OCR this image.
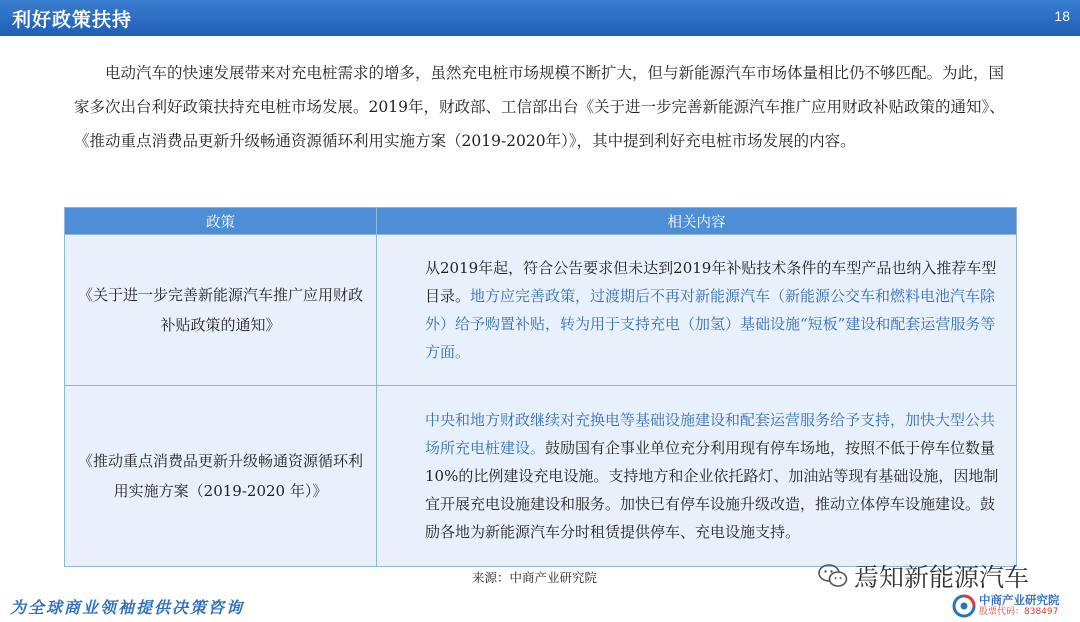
利好政策扶持	18

电动汽车的快速发展带来对充电桩需求的增多，虽然充电桩市场规模不断扩大，但与新能源汽车市场体量相比仍不够匹配。为此，国家多次出台利好政策扶持充电桩市场发展。2019年，财政部、工信部出台《关于进一步完善新能源汽车推广应用财政补贴政策的通知》、《推动重点消费品更新升级畅通资源循环利用实施方案（2019-2020年）》，其中提到利好充电桩市场发展的内容。

政策	相关内容
《关于进一步完善新能源汽车推广应用财政补贴政策的通知》	从2019年起，符合公告要求但未达到2019年补贴技术条件的车型产品也纳入推荐车型目录。地方应完善政策，过渡期后不再对新能源汽车（新能源公交车和燃料电池汽车除外）给予购置补贴，转为用于支持充电（加氢）基础设施“短板”建设和配套运营服务等方面。
《推动重点消费品更新升级畅通资源循环利用实施方案（2019-2020 年）》	中央和地方财政继续对充换电等基础设施建设和配套运营服务给予支持，加快大型公共场所充电桩建设。鼓励国有企事业单位充分利用现有停车场地，按照不低于停车位数量 10%的比例建设充电设施。支持地方和企业依托路灯、加油站等现有基础设施，因地制宜开展充电设施建设和服务。加快已有停车设施升级改造，推动立体停车设施建设。鼓励各地为新能源汽车分时租赁提供停车、充电设施支持。
来源：中商产业研究院
为全球商业领袖提供决策咨询
焉知新能源汽车
中商产业研究院
股票代码：838497
